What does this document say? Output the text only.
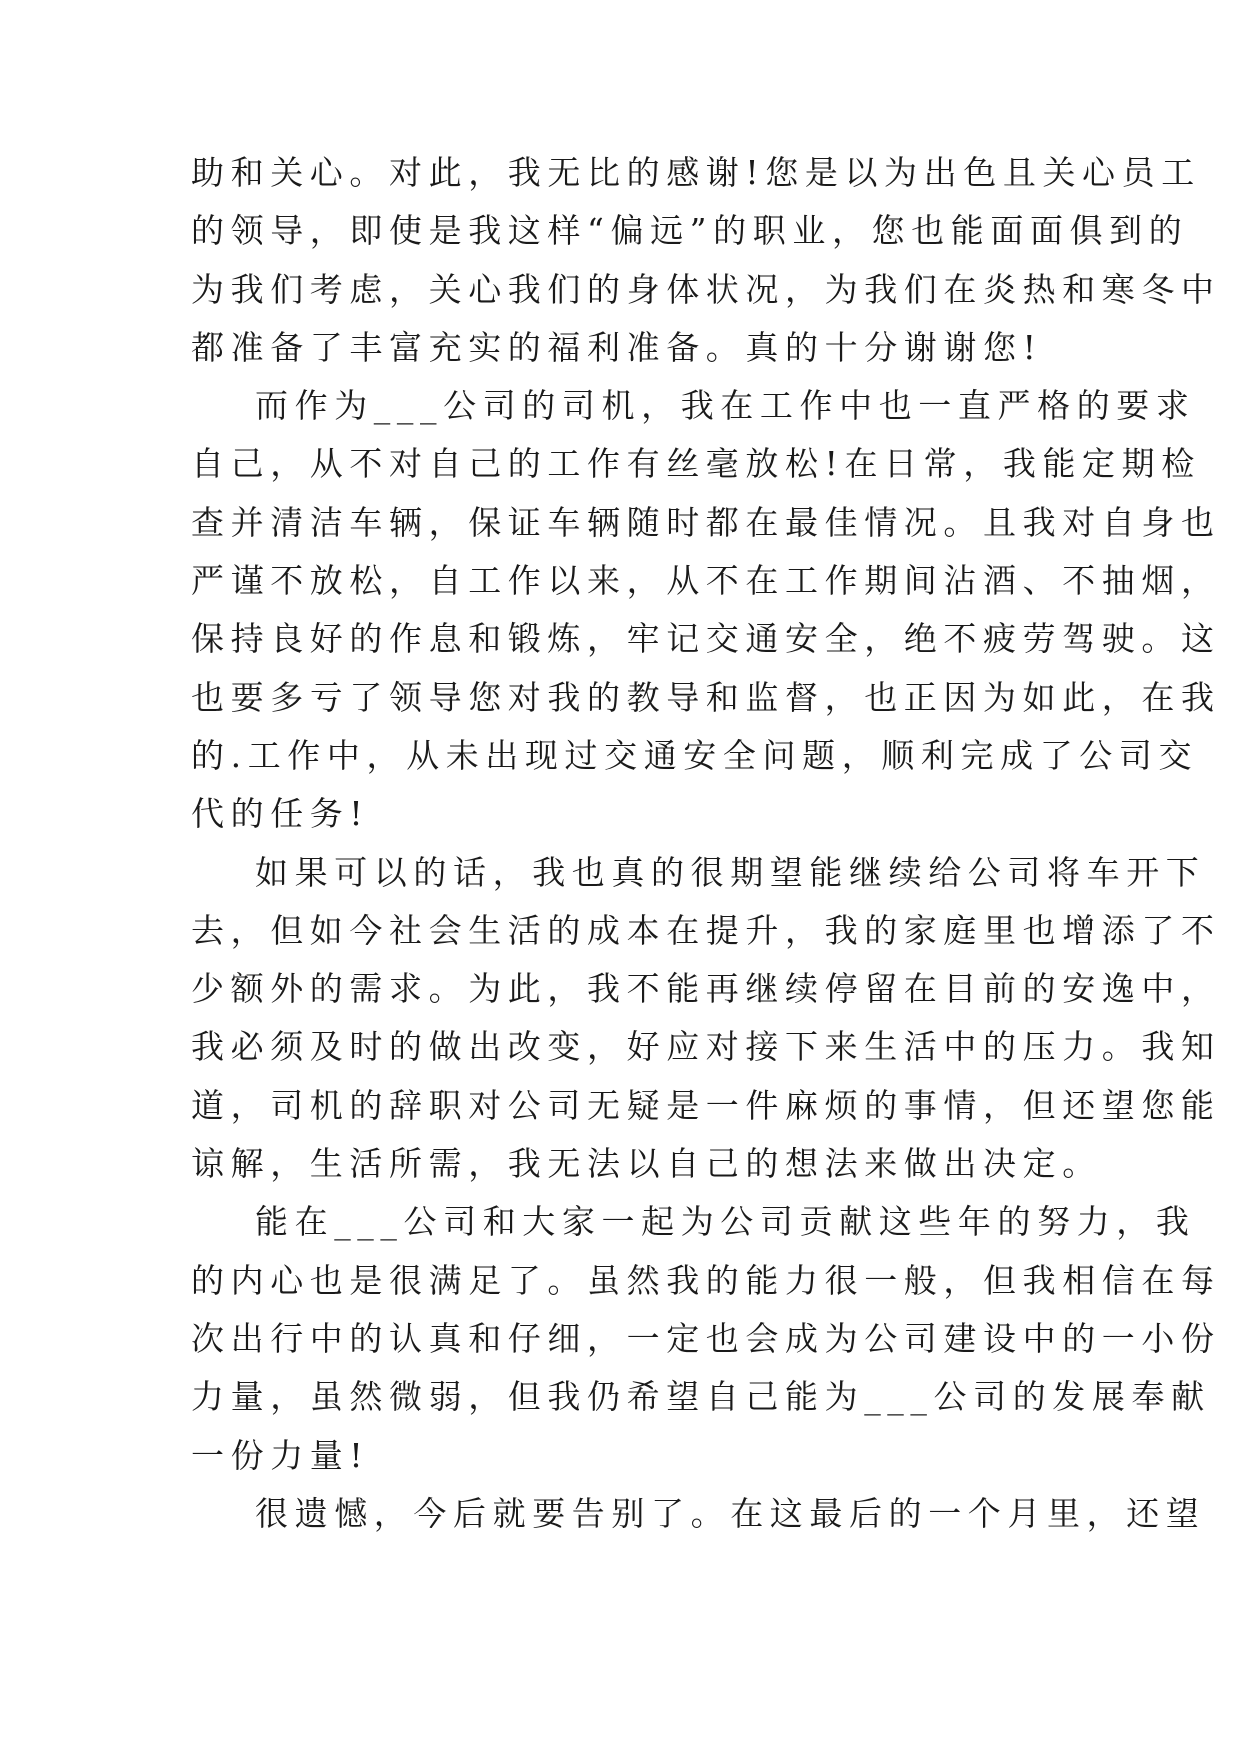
助和关心。对此，我无比的感谢!您是以为出色且关心员工
的领导，即使是我这样“偏远”的职业，您也能面面俱到的
为我们考虑，关心我们的身体状况，为我们在炎热和寒冬中
都准备了丰富充实的福利准备。真的十分谢谢您!
而作为___公司的司机，我在工作中也一直严格的要求
自己，从不对自己的工作有丝毫放松!在日常，我能定期检
查并清洁车辆，保证车辆随时都在最佳情况。且我对自身也
严谨不放松，自工作以来，从不在工作期间沾酒、不抽烟，
保持良好的作息和锻炼，牢记交通安全，绝不疲劳驾驶。这
也要多亏了领导您对我的教导和监督，也正因为如此，在我
的.工作中，从未出现过交通安全问题，顺利完成了公司交
代的任务!
如果可以的话，我也真的很期望能继续给公司将车开下
去，但如今社会生活的成本在提升，我的家庭里也增添了不
少额外的需求。为此，我不能再继续停留在目前的安逸中，
我必须及时的做出改变，好应对接下来生活中的压力。我知
道，司机的辞职对公司无疑是一件麻烦的事情，但还望您能
谅解，生活所需，我无法以自己的想法来做出决定。
能在___公司和大家一起为公司贡献这些年的努力，我
的内心也是很满足了。虽然我的能力很一般，但我相信在每
次出行中的认真和仔细，一定也会成为公司建设中的一小份
力量，虽然微弱，但我仍希望自己能为___公司的发展奉献
一份力量!
很遗憾，今后就要告别了。在这最后的一个月里，还望
